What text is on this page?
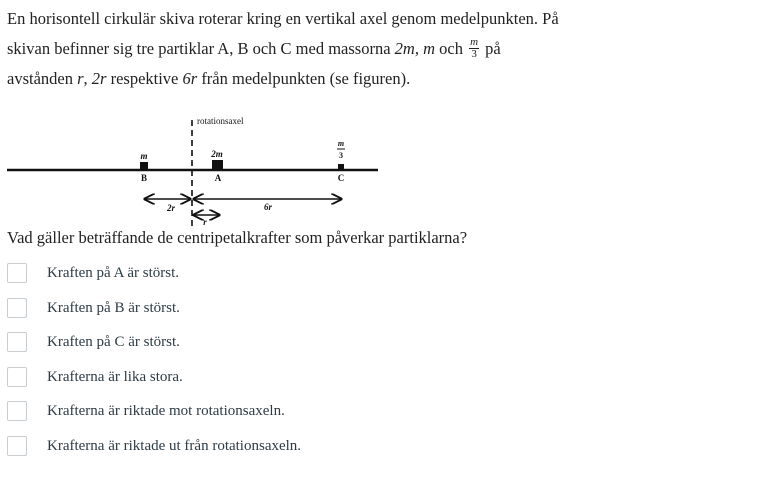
En horisontell cirkulär skiva roterar kring en vertikal axel genom medelpunkten. På
skivan befinner sig tre partiklar A, B och C med massorna 2m, m och $\frac{m}{3}$ på
avstånden r, 2r respektive 6r från medelpunkten (se figuren).
rotationsaxel
m
B
2m
A
m
3
C
2r	6r
r
Vad gäller beträffande de centripetalkrafter som påverkar partiklarna?
Kraften på A är störst.
Kraften på B är störst.
Kraften på C är störst.
Krafterna är lika stora.
Krafterna är riktade mot rotationsaxeln.
Krafterna är riktade ut från rotationsaxeln.
